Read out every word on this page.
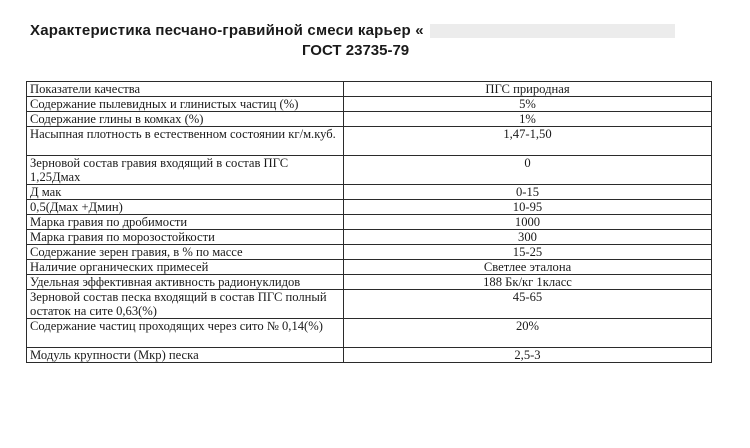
Характеристика песчано-гравийной смеси карьер «
ГОСТ 23735-79
Показатели качества	ПГС природная
Содержание пылевидных и глинистых частиц (%)	5%
Содержание глины в комках (%)	1%
Насыпная плотность в естественном состоянии кг/м.куб.	1,47-1,50
Зерновой состав гравия входящий в состав ПГС 1,25Дмах	0
Д мак	0-15
0,5(Дмах +Дмин)	10-95
Марка гравия по дробимости	1000
Марка гравия по морозостойкости	300
Содержание зерен гравия, в % по массе	15-25
Наличие органических примесей	Светлее эталона
Удельная эффективная активность радионуклидов	188 Бк/кг 1класс
Зерновой состав песка входящий в состав ПГС полный остаток на сите 0,63(%)	45-65
Содержание частиц проходящих через сито № 0,14(%)	20%
Модуль крупности (Мкр) песка	2,5-3
